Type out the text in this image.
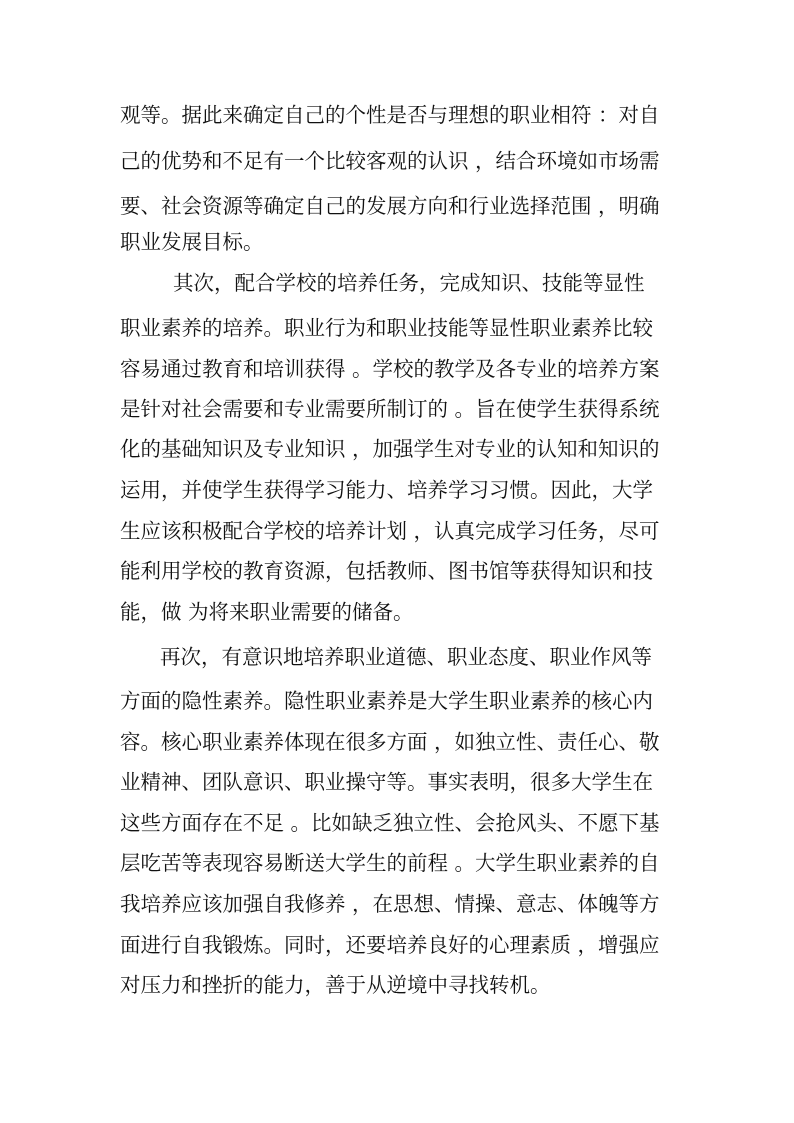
观等。据此来确定自己的个性是否与理想的职业相符 ：对自

己的优势和不足有一个比较客观的认识 ，结合环境如市场需

要、社会资源等确定自己的发展方向和行业选择范围 ，明确

职业发展目标。

其次，配合学校的培养任务，完成知识、技能等显性

职业素养的培养。职业行为和职业技能等显性职业素养比较

容易通过教育和培训获得 。学校的教学及各专业的培养方案

是针对社会需要和专业需要所制订的 。旨在使学生获得系统

化的基础知识及专业知识 ，加强学生对专业的认知和知识的

运用，并使学生获得学习能力、培养学习习惯。因此，大学

生应该积极配合学校的培养计划 ，认真完成学习任务，尽可

能利用学校的教育资源，包括教师、图书馆等获得知识和技

能，做 为将来职业需要的储备。

再次，有意识地培养职业道德、职业态度、职业作风等

方面的隐性素养。隐性职业素养是大学生职业素养的核心内

容。核心职业素养体现在很多方面 ，如独立性、责任心、敬

业精神、团队意识、职业操守等。事实表明，很多大学生在

这些方面存在不足 。比如缺乏独立性、会抢风头、不愿下基

层吃苦等表现容易断送大学生的前程 。大学生职业素养的自

我培养应该加强自我修养 ，在思想、情操、意志、体魄等方

面进行自我锻炼。同时，还要培养良好的心理素质 ，增强应

对压力和挫折的能力，善于从逆境中寻找转机。
